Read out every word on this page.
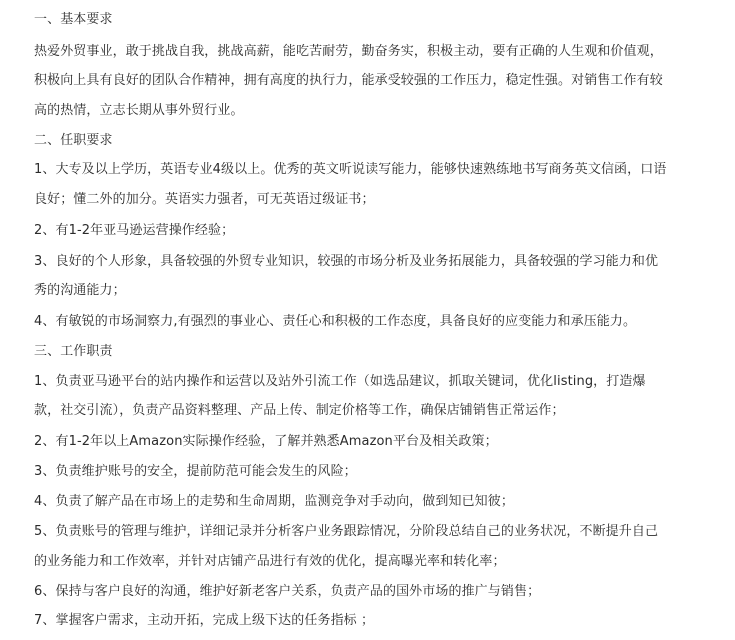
一、基本要求
热爱外贸事业，敢于挑战自我，挑战高薪，能吃苦耐劳，勤奋务实，积极主动，要有正确的人生观和价值观，
积极向上具有良好的团队合作精神，拥有高度的执行力，能承受较强的工作压力，稳定性强。对销售工作有较
高的热情，立志长期从事外贸行业。
二、任职要求
1、大专及以上学历，英语专业4级以上。优秀的英文听说读写能力，能够快速熟练地书写商务英文信函，口语
良好；懂二外的加分。英语实力强者，可无英语过级证书；
2、有1-2年亚马逊运营操作经验；
3、良好的个人形象，具备较强的外贸专业知识，较强的市场分析及业务拓展能力，具备较强的学习能力和优
秀的沟通能力；
4、有敏锐的市场洞察力,有强烈的事业心、责任心和积极的工作态度，具备良好的应变能力和承压能力。
三、工作职责
1、负责亚马逊平台的站内操作和运营以及站外引流工作（如选品建议，抓取关键词，优化listing，打造爆
款，社交引流），负责产品资料整理、产品上传、制定价格等工作，确保店铺销售正常运作；
2、有1-2年以上Amazon实际操作经验，了解并熟悉Amazon平台及相关政策；
3、负责维护账号的安全，提前防范可能会发生的风险；
4、负责了解产品在市场上的走势和生命周期，监测竞争对手动向，做到知已知彼；
5、负责账号的管理与维护，详细记录并分析客户业务跟踪情况，分阶段总结自己的业务状况，不断提升自己
的业务能力和工作效率，并针对店铺产品进行有效的优化，提高曝光率和转化率；
6、保持与客户良好的沟通，维护好新老客户关系，负责产品的国外市场的推广与销售；
7、掌握客户需求，主动开拓，完成上级下达的任务指标 ；
